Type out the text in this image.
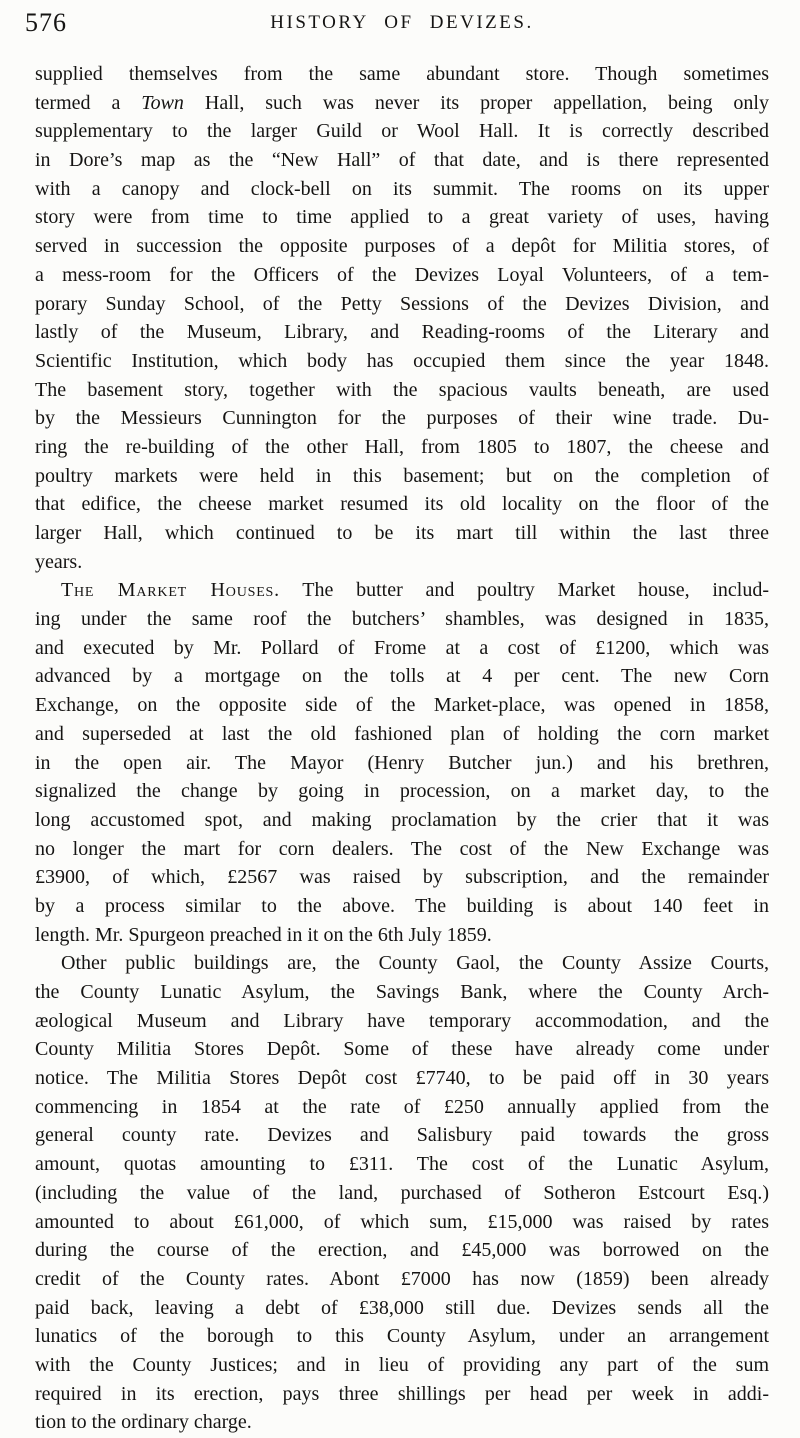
576	HISTORY OF DEVIZES.
supplied themselves from the same abundant store. Though sometimes
termed a Town Hall, such was never its proper appellation, being only
supplementary to the larger Guild or Wool Hall. It is correctly described
in Dore’s map as the “New Hall” of that date, and is there represented
with a canopy and clock-bell on its summit. The rooms on its upper
story were from time to time applied to a great variety of uses, having
served in succession the opposite purposes of a depôt for Militia stores, of
a mess-room for the Officers of the Devizes Loyal Volunteers, of a tem-
porary Sunday School, of the Petty Sessions of the Devizes Division, and
lastly of the Museum, Library, and Reading-rooms of the Literary and
Scientific Institution, which body has occupied them since the year 1848.
The basement story, together with the spacious vaults beneath, are used
by the Messieurs Cunnington for the purposes of their wine trade. Du-
ring the re-building of the other Hall, from 1805 to 1807, the cheese and
poultry markets were held in this basement; but on the completion of
that edifice, the cheese market resumed its old locality on the floor of the
larger Hall, which continued to be its mart till within the last three
years.
The Market Houses. The butter and poultry Market house, includ-
ing under the same roof the butchers’ shambles, was designed in 1835,
and executed by Mr. Pollard of Frome at a cost of £1200, which was
advanced by a mortgage on the tolls at 4 per cent. The new Corn
Exchange, on the opposite side of the Market-place, was opened in 1858,
and superseded at last the old fashioned plan of holding the corn market
in the open air. The Mayor (Henry Butcher jun.) and his brethren,
signalized the change by going in procession, on a market day, to the
long accustomed spot, and making proclamation by the crier that it was
no longer the mart for corn dealers. The cost of the New Exchange was
£3900, of which, £2567 was raised by subscription, and the remainder
by a process similar to the above. The building is about 140 feet in
length. Mr. Spurgeon preached in it on the 6th July 1859.
Other public buildings are, the County Gaol, the County Assize Courts,
the County Lunatic Asylum, the Savings Bank, where the County Arch-
æological Museum and Library have temporary accommodation, and the
County Militia Stores Depôt. Some of these have already come under
notice. The Militia Stores Depôt cost £7740, to be paid off in 30 years
commencing in 1854 at the rate of £250 annually applied from the
general county rate. Devizes and Salisbury paid towards the gross
amount, quotas amounting to £311. The cost of the Lunatic Asylum,
(including the value of the land, purchased of Sotheron Estcourt Esq.)
amounted to about £61,000, of which sum, £15,000 was raised by rates
during the course of the erection, and £45,000 was borrowed on the
credit of the County rates. Abont £7000 has now (1859) been already
paid back, leaving a debt of £38,000 still due. Devizes sends all the
lunatics of the borough to this County Asylum, under an arrangement
with the County Justices; and in lieu of providing any part of the sum
required in its erection, pays three shillings per head per week in addi-
tion to the ordinary charge.
